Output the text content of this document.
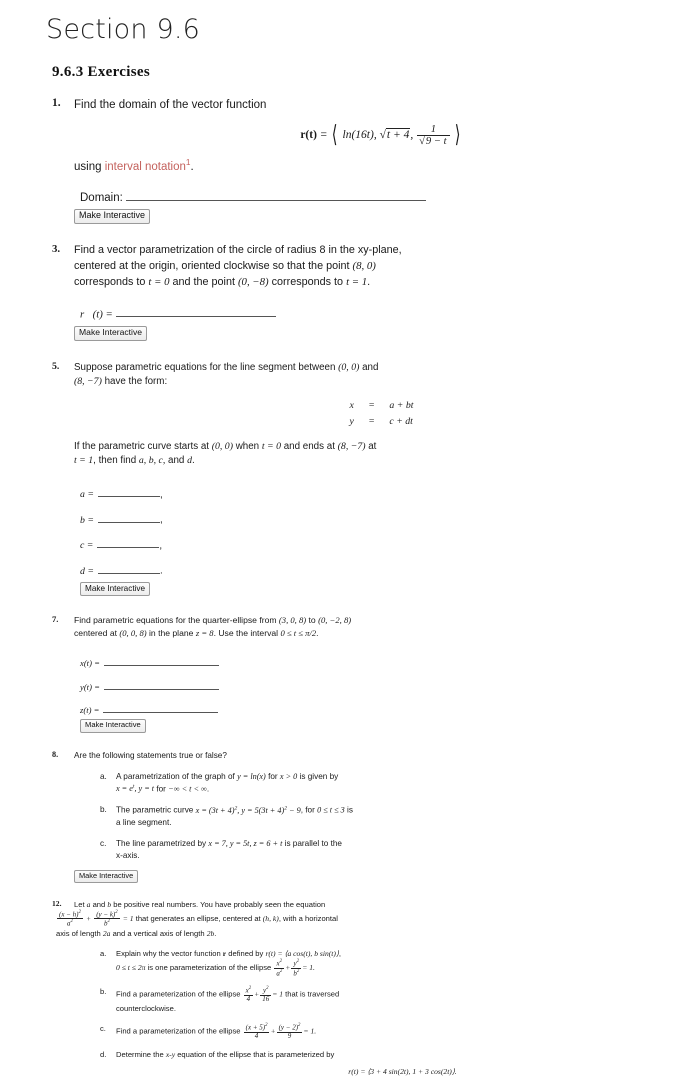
Section 9.6
9.6.3 Exercises
1. Find the domain of the vector function
r(t) = ⟨ ln(16t), √t + 4, $\frac{1}{√9 - t}$ ⟩
using interval notation$^1$.
Domain:
Make Interactive
3. Find a vector parametrization of the circle of radius 8 in the xy-plane,
centered at the origin, oriented clockwise so that the point (8, 0)
corresponds to t = 0 and the point (0, −8) corresponds to t = 1.
r⃗(t) =
Make Interactive
5. Suppose parametric equations for the line segment between (0, 0) and
(8, −7) have the form:
x	=	a + bt
y	=	c + dt
If the parametric curve starts at (0, 0) when t = 0 and ends at (8, −7) at
t = 1, then find a, b, c, and d.
a =	,
b =	,
c =	,
d =	.
Make Interactive
7. Find parametric equations for the quarter-ellipse from (3, 0, 8) to (0, −2, 8)
centered at (0, 0, 8) in the plane z = 8. Use the interval 0 ≤ t ≤ π/2.
x(t) =
y(t) =
z(t) =
Make Interactive
8. Are the following statements true or false?
a. A parametrization of the graph of y = ln(x) for x > 0 is given by
$x = e^t$, y = t for −∞ < t < ∞.
b. The parametric curve $x = (3t + 4)^2$, $y = 5(3t + 4)^2 - 9$, for 0 ≤ t ≤ 3 is
a line segment.
c. The line parametrized by x = 7, y = 5t, z = 6 + t is parallel to the
x-axis.
Make Interactive
12. Let a and b be positive real numbers. You have probably seen the equation
$\frac{(x - h)^2}{a^2} + \frac{(y - k)^2}{b^2} = 1$ that generates an ellipse, centered at (h, k), with a horizontal
axis of length 2a and a vertical axis of length 2b.
a. Explain why the vector function r defined by r(t) = ⟨a cos(t), b sin(t)⟩,
0 ≤ t ≤ 2π is one parameterization of the ellipse $\frac{x^2}{a^2} + \frac{y^2}{b^2} = 1$.
b. Find a parameterization of the ellipse $\frac{x^2}{4} + \frac{y^2}{16} = 1$ that is traversed
counterclockwise.
c. Find a parameterization of the ellipse $\frac{(x + 5)^2}{4} + \frac{(y - 2)^2}{9} = 1$.
d. Determine the x-y equation of the ellipse that is parameterized by
r(t) = ⟨3 + 4 sin(2t), 1 + 3 cos(2t)⟩.
